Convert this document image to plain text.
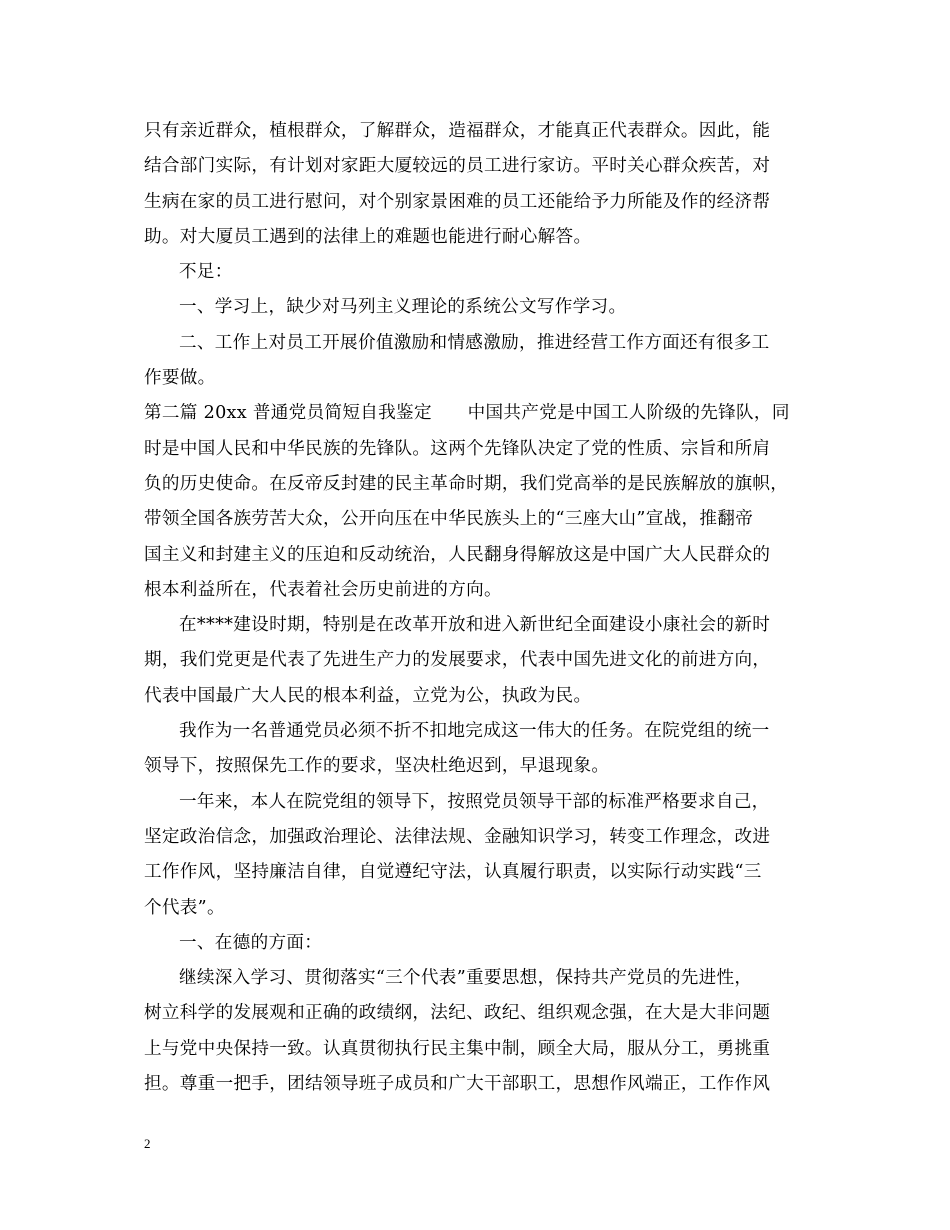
只有亲近群众，植根群众，了解群众，造福群众，才能真正代表群众。因此，能
结合部门实际，有计划对家距大厦较远的员工进行家访。平时关心群众疾苦，对
生病在家的员工进行慰问，对个别家景困难的员工还能给予力所能及作的经济帮
助。对大厦员工遇到的法律上的难题也能进行耐心解答。
不足：
一、学习上，缺少对马列主义理论的系统公文写作学习。
二、工作上对员工开展价值激励和情感激励，推进经营工作方面还有很多工
作要做。
第二篇 20xx 普通党员简短自我鉴定　　中国共产党是中国工人阶级的先锋队，同
时是中国人民和中华民族的先锋队。这两个先锋队决定了党的性质、宗旨和所肩
负的历史使命。在反帝反封建的民主革命时期，我们党高举的是民族解放的旗帜，
带领全国各族劳苦大众，公开向压在中华民族头上的“三座大山”宣战，推翻帝
国主义和封建主义的压迫和反动统治，人民翻身得解放这是中国广大人民群众的
根本利益所在，代表着社会历史前进的方向。
在****建设时期，特别是在改革开放和进入新世纪全面建设小康社会的新时
期，我们党更是代表了先进生产力的发展要求，代表中国先进文化的前进方向，
代表中国最广大人民的根本利益，立党为公，执政为民。
我作为一名普通党员必须不折不扣地完成这一伟大的任务。在院党组的统一
领导下，按照保先工作的要求，坚决杜绝迟到，早退现象。
一年来，本人在院党组的领导下，按照党员领导干部的标准严格要求自己，
坚定政治信念，加强政治理论、法律法规、金融知识学习，转变工作理念，改进
工作作风，坚持廉洁自律，自觉遵纪守法，认真履行职责，以实际行动实践“三
个代表”。
一、在德的方面：
继续深入学习、贯彻落实“三个代表”重要思想，保持共产党员的先进性，
树立科学的发展观和正确的政绩纲，法纪、政纪、组织观念强，在大是大非问题
上与党中央保持一致。认真贯彻执行民主集中制，顾全大局，服从分工，勇挑重
担。尊重一把手，团结领导班子成员和广大干部职工，思想作风端正，工作作风
2
